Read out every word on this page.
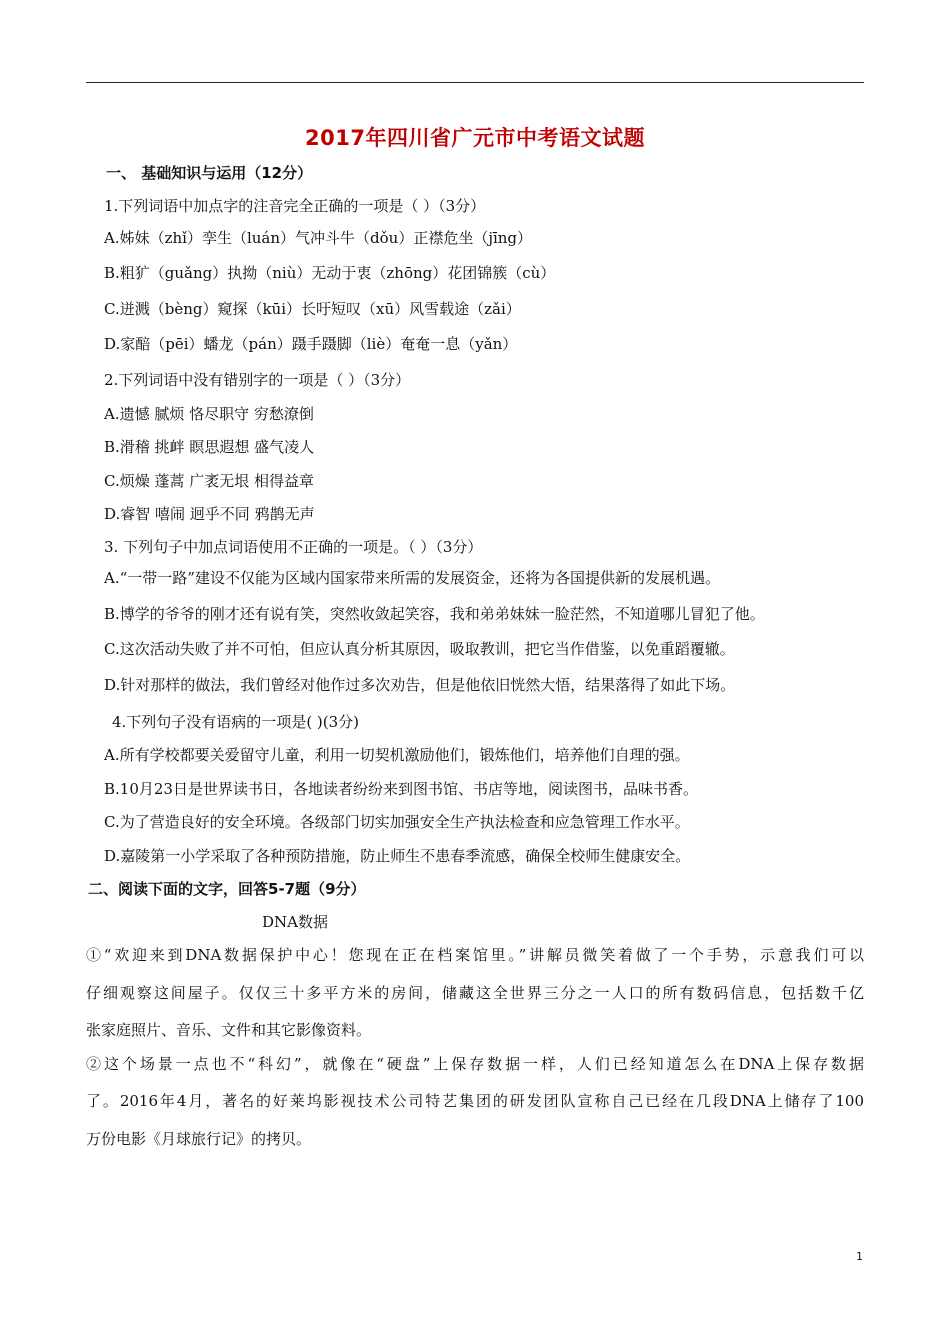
2017年四川省广元市中考语文试题
一、 基础知识与运用（12分）
1.下列词语中加点字的注音完全正确的一项是（ ）（3分）
A.姊妹（zhǐ）孪生（luán）气冲斗牛（dǒu）正襟危坐（jīng）
B.粗犷（guǎng）执拗（niù）无动于衷（zhōng）花团锦簇（cù）
C.迸溅（bèng）窥探（kūi）长吁短叹（xū）风雪载途（zǎi）
D.家醅（pēi）蟠龙（pán）蹑手蹑脚（liè）奄奄一息（yǎn）
2.下列词语中没有错别字的一项是（ ）（3分）
A.遗憾 腻烦 恪尽职守 穷愁潦倒
B.滑稽 挑衅 瞑思遐想 盛气凌人
C.烦燥 蓬蒿 广袤无垠 相得益章
D.睿智 嘻闹 迥乎不同 鸦鹊无声
3. 下列句子中加点词语使用不正确的一项是。（ ）（3分）
A.“一带一路”建设不仅能为区域内国家带来所需的发展资金，还将为各国提供新的发展机遇。
B.博学的爷爷的刚才还有说有笑，突然收敛起笑容，我和弟弟妹妹一脸茫然，不知道哪儿冒犯了他。
C.这次活动失败了并不可怕，但应认真分析其原因，吸取教训，把它当作借鉴，以免重蹈覆辙。
D.针对那样的做法，我们曾经对他作过多次劝告，但是他依旧恍然大悟，结果落得了如此下场。
4.下列句子没有语病的一项是( )(3分)
A.所有学校都要关爱留守儿童，利用一切契机激励他们，锻炼他们，培养他们自理的强。
B.10月23日是世界读书日，各地读者纷纷来到图书馆、书店等地，阅读图书，品味书香。
C.为了营造良好的安全环境。各级部门切实加强安全生产执法检查和应急管理工作水平。
D.嘉陵第一小学采取了各种预防措施，防止师生不患春季流感，确保全校师生健康安全。
二、阅读下面的文字，回答5-7题（9分）
DNA数据
①“欢迎来到DNA数据保护中心！您现在正在档案馆里。”讲解员微笑着做了一个手势，示意我们可以
仔细观察这间屋子。仅仅三十多平方米的房间，储藏这全世界三分之一人口的所有数码信息，包括数千亿
张家庭照片、音乐、文件和其它影像资料。
②这个场景一点也不“科幻”，就像在“硬盘”上保存数据一样，人们已经知道怎么在DNA上保存数据
了。2016年4月，著名的好莱坞影视技术公司特艺集团的研发团队宣称自己已经在几段DNA上储存了100
万份电影《月球旅行记》的拷贝。
1
